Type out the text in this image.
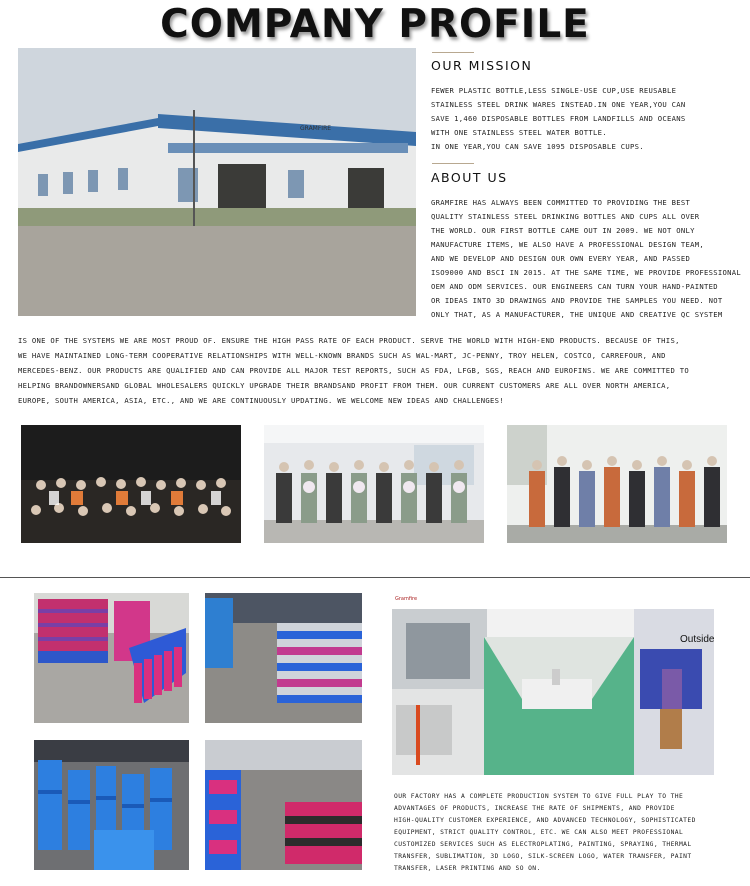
COMPANY PROFILE
GRAMFIRE
OUR MISSION
FEWER PLASTIC BOTTLE,LESS SINGLE-USE CUP,USE REUSABLE
STAINLESS STEEL DRINK WARES INSTEAD.IN ONE YEAR,YOU CAN
SAVE 1,460 DISPOSABLE BOTTLES FROM LANDFILLS AND OCEANS
WITH ONE STAINLESS STEEL WATER BOTTLE.
IN ONE YEAR,YOU CAN SAVE 1095 DISPOSABLE CUPS.
ABOUT US
GRAMFIRE HAS ALWAYS BEEN COMMITTED TO PROVIDING THE BEST
QUALITY STAINLESS STEEL DRINKING BOTTLES AND CUPS ALL OVER
THE WORLD. OUR FIRST BOTTLE CAME OUT IN 2009. WE NOT ONLY
MANUFACTURE ITEMS, WE ALSO HAVE A PROFESSIONAL DESIGN TEAM,
AND WE DEVELOP AND DESIGN OUR OWN EVERY YEAR, AND PASSED
ISO9000 AND BSCI IN 2015. AT THE SAME TIME, WE PROVIDE PROFESSIONAL
OEM AND ODM SERVICES. OUR ENGINEERS CAN TURN YOUR HAND-PAINTED
OR IDEAS INTO 3D DRAWINGS AND PROVIDE THE SAMPLES YOU NEED. NOT
ONLY THAT, AS A MANUFACTURER, THE UNIQUE AND CREATIVE QC SYSTEM
IS ONE OF THE SYSTEMS WE ARE MOST PROUD OF. ENSURE THE HIGH PASS RATE OF EACH PRODUCT. SERVE THE WORLD WITH HIGH-END PRODUCTS. BECAUSE OF THIS,
WE HAVE MAINTAINED LONG-TERM COOPERATIVE RELATIONSHIPS WITH WELL-KNOWN BRANDS SUCH AS WAL-MART, JC-PENNY, TROY HELEN, COSTCO, CARREFOUR, AND
MERCEDES-BENZ. OUR PRODUCTS ARE QUALIFIED AND CAN PROVIDE ALL MAJOR TEST REPORTS, SUCH AS FDA, LFGB, SGS, REACH AND EUROFINS. WE ARE COMMITTED TO
HELPING BRANDOWNERSAND GLOBAL WHOLESALERS QUICKLY UPGRADE THEIR BRANDSAND PROFIT FROM THEM. OUR CURRENT CUSTOMERS ARE ALL OVER NORTH AMERICA,
EUROPE, SOUTH AMERICA, ASIA, ETC., AND WE ARE CONTINUOUSLY UPDATING. WE WELCOME NEW IDEAS AND CHALLENGES!
Gramfire
Outside
OUR FACTORY HAS A COMPLETE PRODUCTION SYSTEM TO GIVE FULL PLAY TO THE
ADVANTAGES OF PRODUCTS, INCREASE THE RATE OF SHIPMENTS, AND PROVIDE
HIGH-QUALITY CUSTOMER EXPERIENCE, AND ADVANCED TECHNOLOGY, SOPHISTICATED
EQUIPMENT, STRICT QUALITY CONTROL, ETC. WE CAN ALSO MEET PROFESSIONAL
CUSTOMIZED SERVICES SUCH AS ELECTROPLATING, PAINTING, SPRAYING, THERMAL
TRANSFER, SUBLIMATION, 3D LOGO, SILK-SCREEN LOGO, WATER TRANSFER, PAINT
TRANSFER, LASER PRINTING AND SO ON.
